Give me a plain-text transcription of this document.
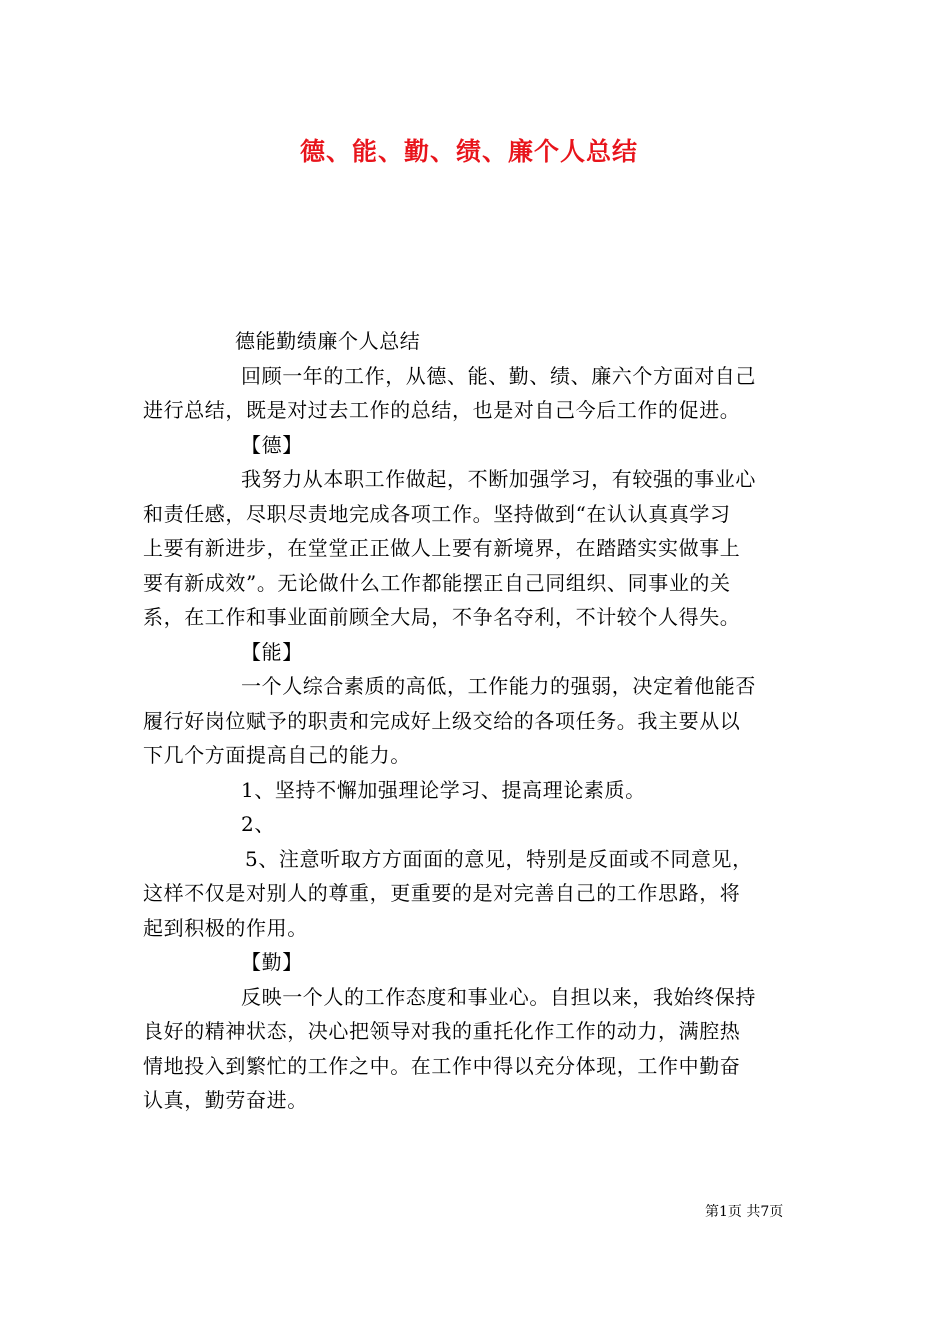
德、能、勤、绩、廉个人总结
德能勤绩廉个人总结
回顾一年的工作，从德、能、勤、绩、廉六个方面对自己
进行总结，既是对过去工作的总结，也是对自己今后工作的促进。
【德】
我努力从本职工作做起，不断加强学习，有较强的事业心
和责任感，尽职尽责地完成各项工作。坚持做到“在认认真真学习
上要有新进步，在堂堂正正做人上要有新境界，在踏踏实实做事上
要有新成效”。无论做什么工作都能摆正自己同组织、同事业的关
系，在工作和事业面前顾全大局，不争名夺利，不计较个人得失。
【能】
一个人综合素质的高低，工作能力的强弱，决定着他能否
履行好岗位赋予的职责和完成好上级交给的各项任务。我主要从以
下几个方面提高自己的能力。
1、坚持不懈加强理论学习、提高理论素质。
2、
5、注意听取方方面面的意见，特别是反面或不同意见，
这样不仅是对别人的尊重，更重要的是对完善自己的工作思路，将
起到积极的作用。
【勤】
反映一个人的工作态度和事业心。自担以来，我始终保持
良好的精神状态，决心把领导对我的重托化作工作的动力，满腔热
情地投入到繁忙的工作之中。在工作中得以充分体现，工作中勤奋
认真，勤劳奋进。
第1页 共7页
